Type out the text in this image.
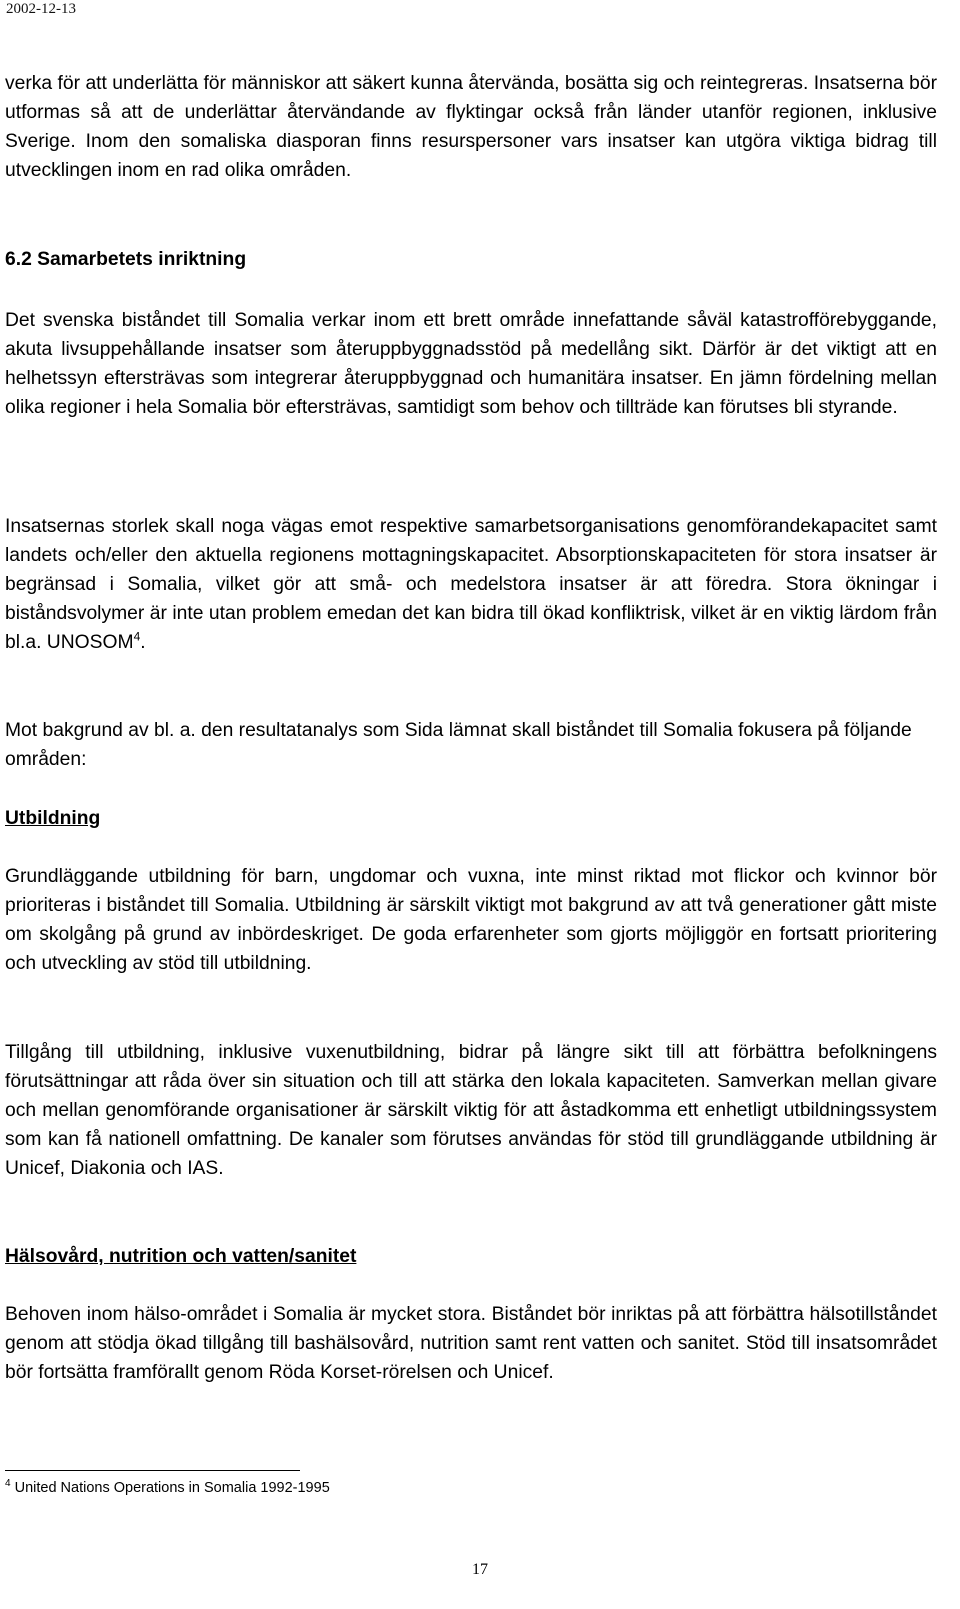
2002-12-13

verka för att underlätta för människor att säkert kunna återvända, bosätta sig och reintegreras. Insatserna bör utformas så att de underlättar återvändande av flyktingar också från länder utanför regionen, inklusive Sverige. Inom den somaliska diasporan finns resurspersoner vars insatser kan utgöra viktiga bidrag till utvecklingen inom en rad olika områden.

6.2 Samarbetets inriktning

Det svenska biståndet till Somalia verkar inom ett brett område innefattande såväl katastrofförebyggande, akuta livsuppehållande insatser som återuppbyggnadsstöd på medellång sikt. Därför är det viktigt att en helhetssyn eftersträvas som integrerar återuppbyggnad och humanitära insatser. En jämn fördelning mellan olika regioner i hela Somalia bör eftersträvas, samtidigt som behov och tillträde kan förutses bli styrande.

Insatsernas storlek skall noga vägas emot respektive samarbetsorganisations genomförandekapacitet samt landets och/eller den aktuella regionens mottagningskapacitet. Absorptionskapaciteten för stora insatser är begränsad i Somalia, vilket gör att små- och medelstora insatser är att föredra. Stora ökningar i biståndsvolymer är inte utan problem emedan det kan bidra till ökad konfliktrisk, vilket är en viktig lärdom från bl.a. UNOSOM$^4$.

Mot bakgrund av bl. a. den resultatanalys som Sida lämnat skall biståndet till Somalia fokusera på följande områden:

Utbildning

Grundläggande utbildning för barn, ungdomar och vuxna, inte minst riktad mot flickor och kvinnor bör prioriteras i biståndet till Somalia. Utbildning är särskilt viktigt mot bakgrund av att två generationer gått miste om skolgång på grund av inbördeskriget. De goda erfarenheter som gjorts möjliggör en fortsatt prioritering och utveckling av stöd till utbildning.

Tillgång till utbildning, inklusive vuxenutbildning, bidrar på längre sikt till att förbättra befolkningens förutsättningar att råda över sin situation och till att stärka den lokala kapaciteten. Samverkan mellan givare och mellan genomförande organisationer är särskilt viktig för att åstadkomma ett enhetligt utbildningssystem som kan få nationell omfattning. De kanaler som förutses användas för stöd till grundläggande utbildning är Unicef, Diakonia och IAS.

Hälsovård, nutrition och vatten/sanitet

Behoven inom hälso-området i Somalia är mycket stora. Biståndet bör inriktas på att förbättra hälsotillståndet genom att stödja ökad tillgång till bashälsovård, nutrition samt rent vatten och sanitet. Stöd till insatsområdet bör fortsätta framförallt genom Röda Korset-rörelsen och Unicef.

$^4$ United Nations Operations in Somalia 1992-1995

17
